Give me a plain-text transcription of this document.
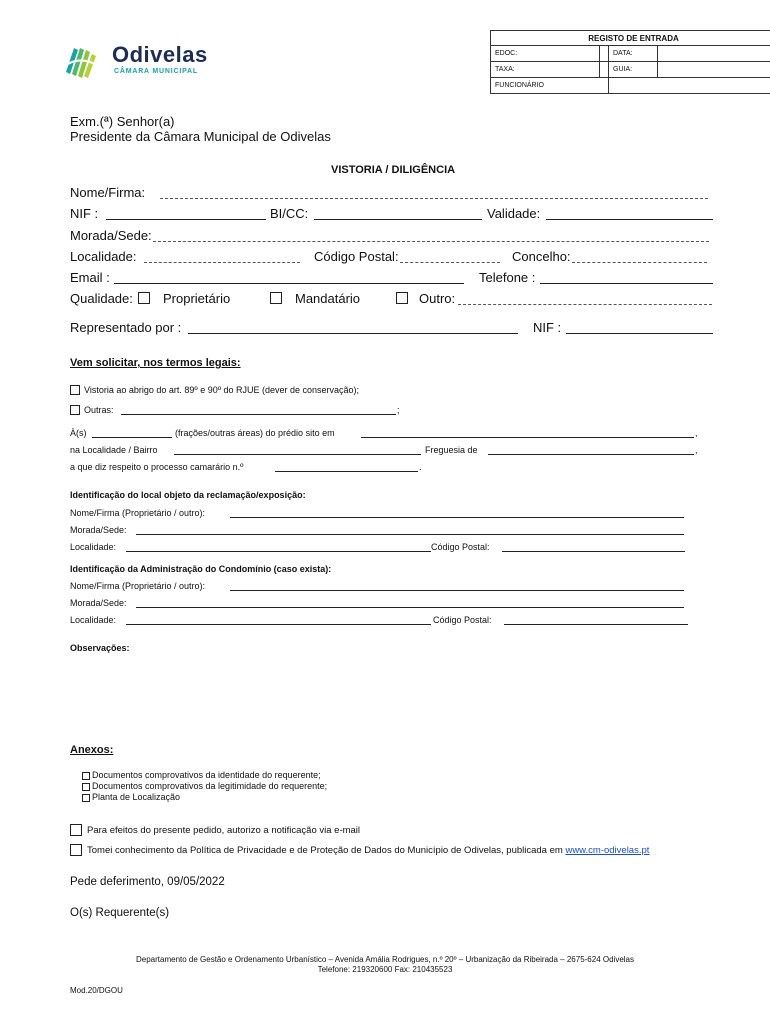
Odivelas
CÂMARA MUNICIPAL
REGISTO DE ENTRADA			
EDOC:		DATA:	
TAXA:		GUIA:	
FUNCIONÁRIO			
Exm.(ª) Senhor(a)
Presidente da Câmara Municipal de Odivelas
VISTORIA / DILIGÊNCIA
Nome/Firma:
NIF :	BI/CC:	Validade:
Morada/Sede:
Localidade:	Código Postal:	Concelho:
Email :	Telefone :
Qualidade: Proprietário	Mandatário	Outro:
Representado por :	NIF :
Vem solicitar, nos termos legais:
Vistoria ao abrigo do art. 89º e 90º do RJUE (dever de conservação);
Outras:	;
À(s)	(frações/outras áreas) do prédio sito em	,
na Localidade / Bairro	Freguesia de	,
a que diz respeito o processo camarário n.º	.
Identificação do local objeto da reclamação/exposição:
Nome/Firma (Proprietário / outro):
Morada/Sede:
Localidade:	Código Postal:
Identificação da Administração do Condomínio (caso exista):
Nome/Firma (Proprietário / outro):
Morada/Sede:
Localidade:	Código Postal:
Observações:
Anexos:
Documentos comprovativos da identidade do requerente;
Documentos comprovativos da legitimidade do requerente;
Planta de Localização
Para efeitos do presente pedido, autorizo a notificação via e-mail
Tomei conhecimento da Política de Privacidade e de Proteção de Dados do Município de Odivelas, publicada em www.cm-odivelas.pt
Pede deferimento, 09/05/2022
O(s) Requerente(s)
Departamento de Gestão e Ordenamento Urbanístico – Avenida Amália Rodrigues, n.º 20º – Urbanização da Ribeirada – 2675-624 Odivelas
Telefone: 219320600 Fax: 210435523
Mod.20/DGOU
